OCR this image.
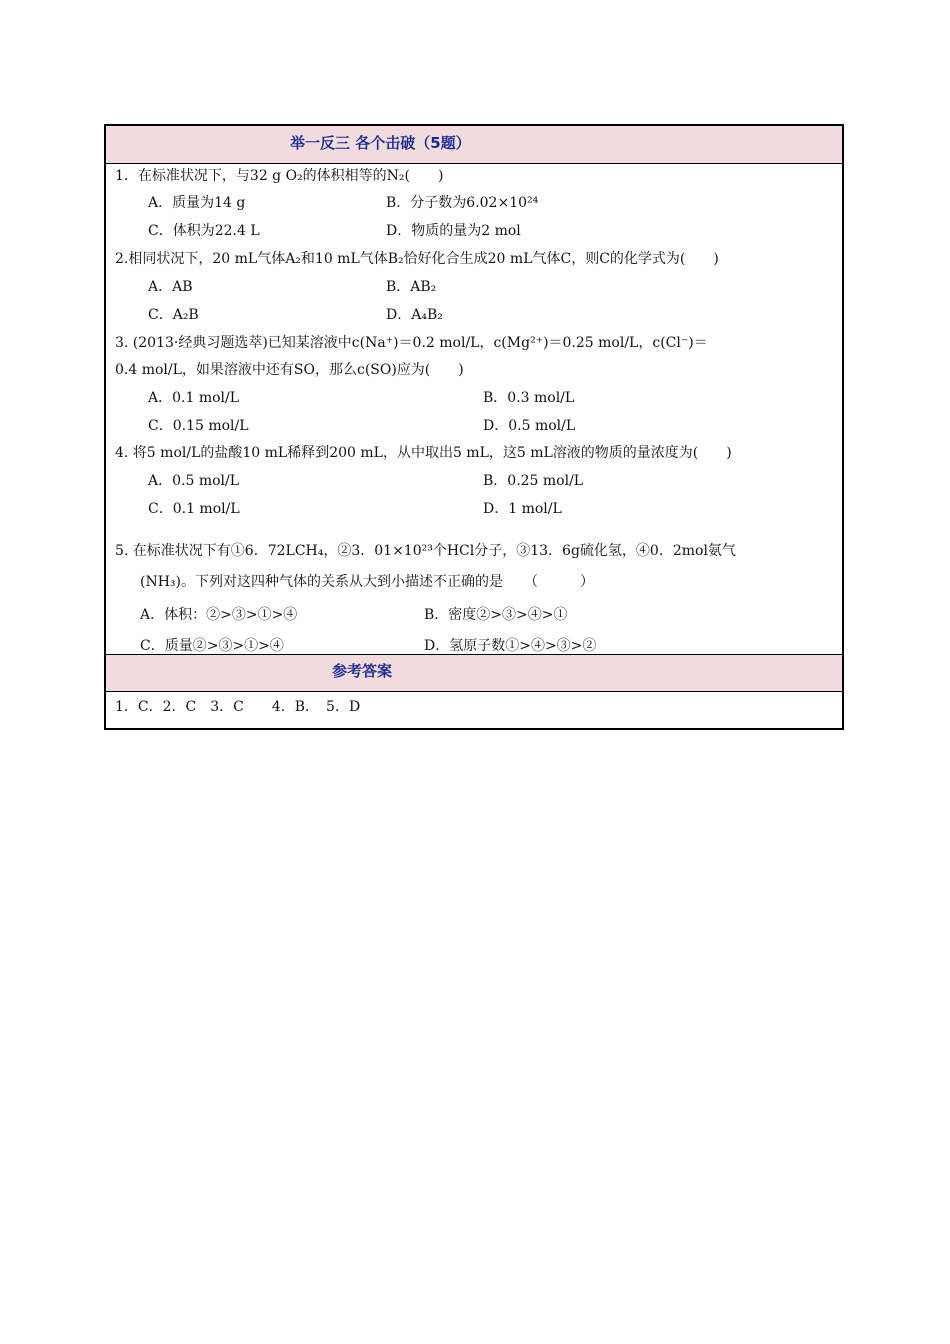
举一反三 各个击破（5题）
1．在标准状况下，与32 g O₂的体积相等的N₂(　　)
A．质量为14 g	B．分子数为6.02×10²⁴
C．体积为22.4 L	D．物质的量为2 mol
2.相同状况下，20 mL气体A₂和10 mL气体B₂恰好化合生成20 mL气体C，则C的化学式为(　　)
A．AB	B．AB₂
C．A₂B	D．A₄B₂
3. (2013·经典习题选萃)已知某溶液中c(Na⁺)＝0.2 mol/L，c(Mg²⁺)＝0.25 mol/L，c(Cl⁻)＝
0.4 mol/L，如果溶液中还有SO，那么c(SO)应为(　　)
A．0.1 mol/L	B．0.3 mol/L
C．0.15 mol/L	D．0.5 mol/L
4. 将5 mol/L的盐酸10 mL稀释到200 mL，从中取出5 mL，这5 mL溶液的物质的量浓度为(　　)
A．0.5 mol/L	B．0.25 mol/L
C．0.1 mol/L	D．1 mol/L
5. 在标准状况下有①6．72LCH₄，②3．01×10²³个HCl分子，③13．6g硫化氢，④0．2mol氨气
(NH₃)。下列对这四种气体的关系从大到小描述不正确的是　　（　　　）
A．体积：②>③>①>④	B．密度②>③>④>①
C．质量②>③>①>④	D．氢原子数①>④>③>②
参考答案
1．C．2．C　3．C　　4．B．　5．D
